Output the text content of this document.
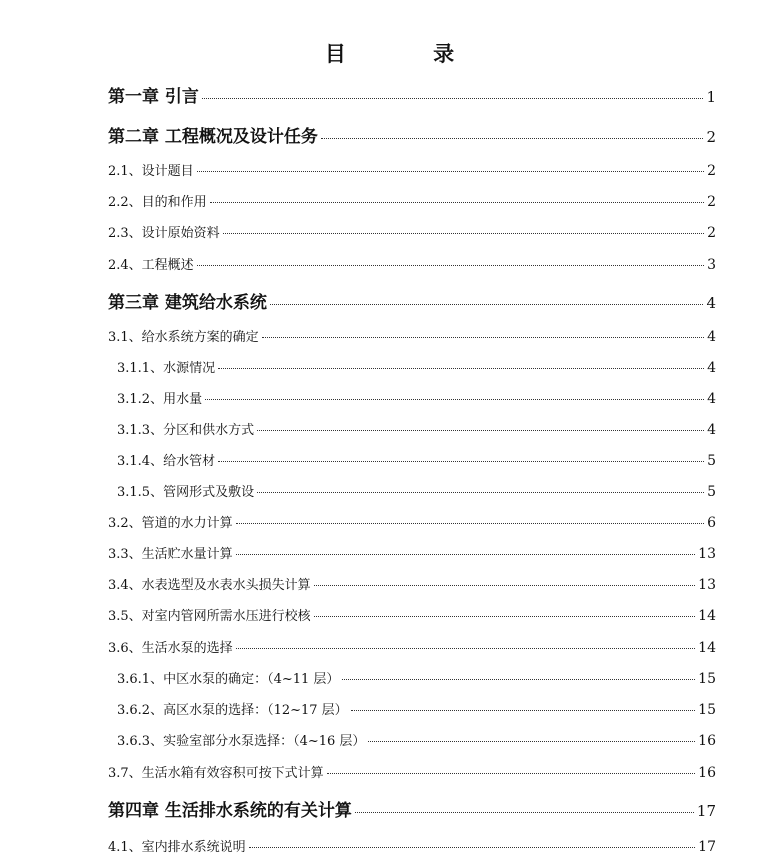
目 录
第一章 引言	1
第二章 工程概况及设计任务	2
2.1、设计题目	2
2.2、目的和作用	2
2.3、设计原始资料	2
2.4、工程概述	3
第三章 建筑给水系统	4
3.1、给水系统方案的确定	4
3.1.1、水源情况	4
3.1.2、用水量	4
3.1.3、分区和供水方式	4
3.1.4、给水管材	5
3.1.5、管网形式及敷设	5
3.2、管道的水力计算	6
3.3、生活贮水量计算	13
3.4、水表选型及水表水头损失计算	13
3.5、对室内管网所需水压进行校核	14
3.6、生活水泵的选择	14
3.6.1、中区水泵的确定：（4~11 层）	15
3.6.2、高区水泵的选择：（12~17 层）	15
3.6.3、实验室部分水泵选择：（4~16 层）	16
3.7、生活水箱有效容积可按下式计算	16
第四章 生活排水系统的有关计算	17
4.1、室内排水系统说明	17
